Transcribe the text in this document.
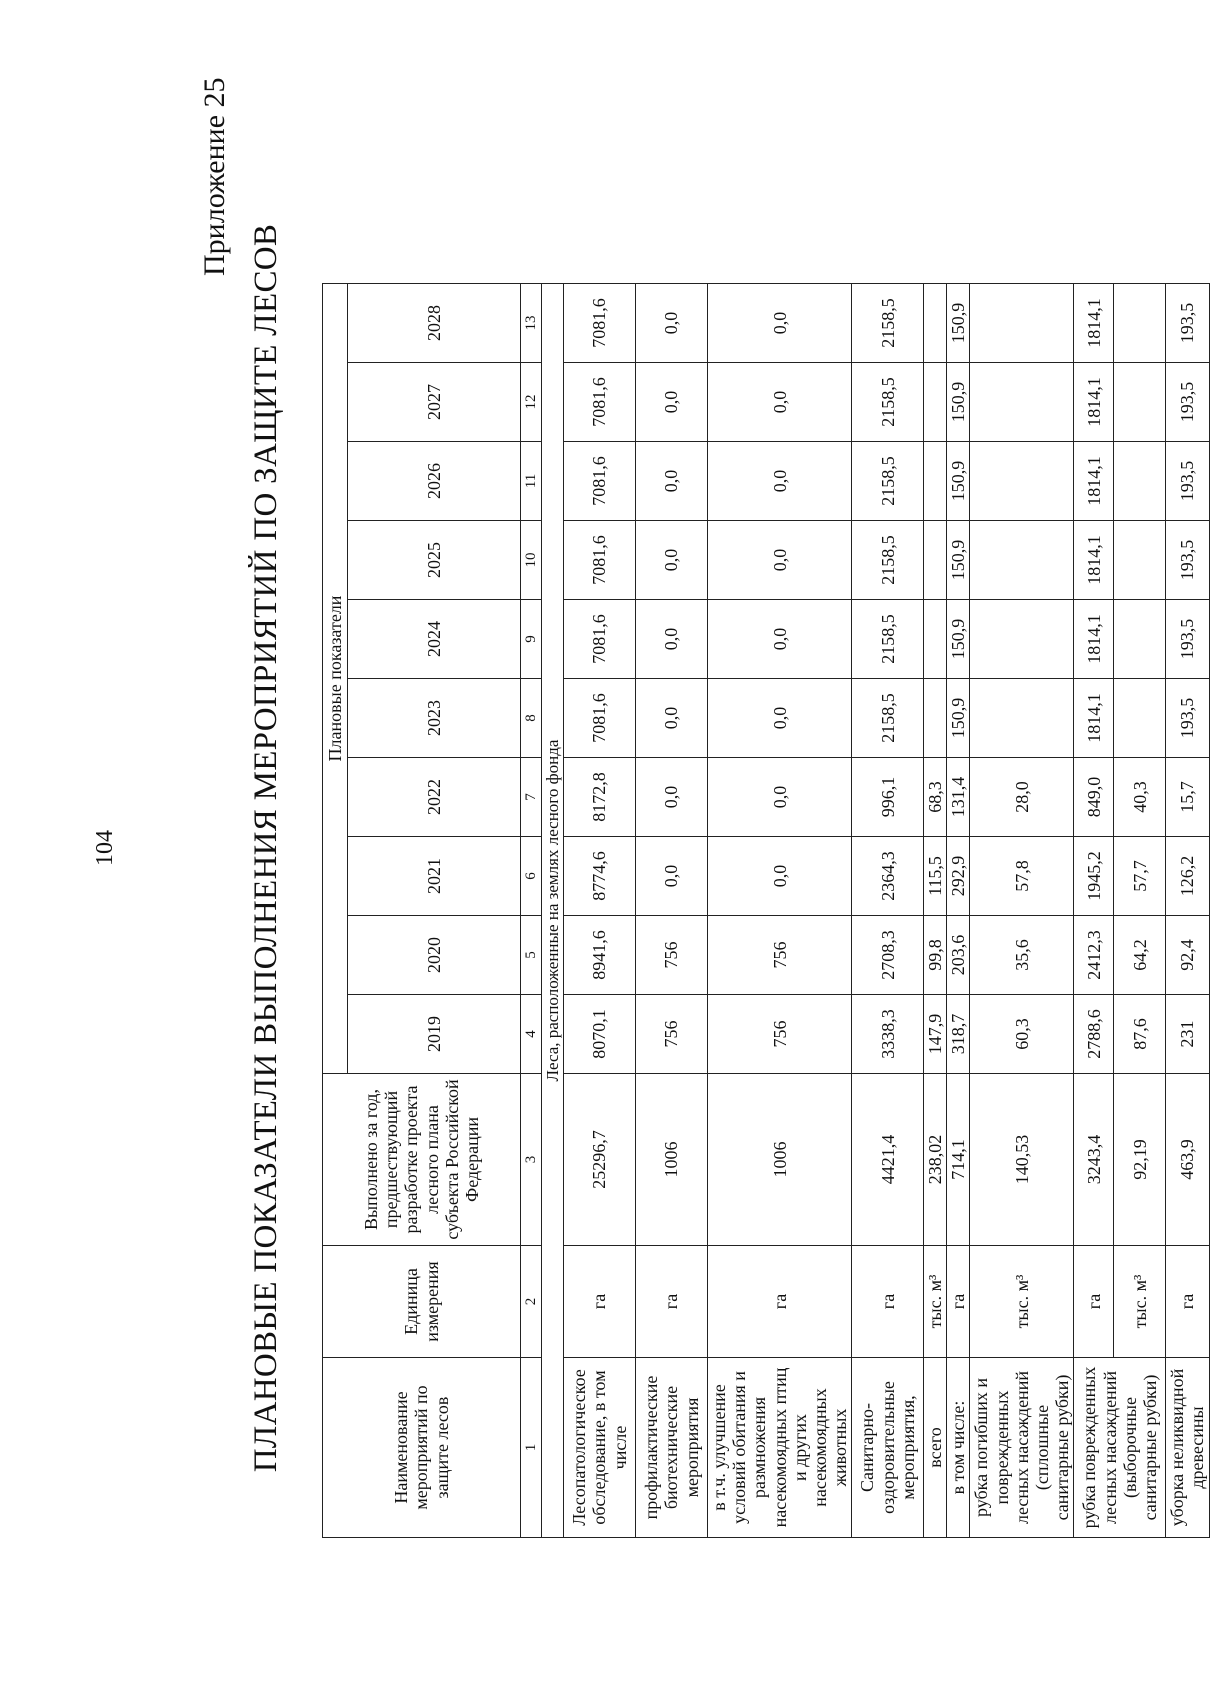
104
Приложение 25
ПЛАНОВЫЕ ПОКАЗАТЕЛИ ВЫПОЛНЕНИЯ МЕРОПРИЯТИЙ ПО ЗАЩИТЕ ЛЕСОВ	Наименование мероприятий по защите лесов	Единица измерения	Выполнено за год, предшествующий разработке проекта лесного плана субъекта Российской Федерации	Плановые показатели									
			2019	2020	2021	2022	2023	2024	2025	2026	2027	2028
1	2	3	4	5	6	7	8	9	10	11	12	13
Леса, расположенные на землях лесного фонда												
Лесопатологическое обследование, в том числе	га	25296,7	8070,1	8941,6	8774,6	8172,8	7081,6	7081,6	7081,6	7081,6	7081,6	7081,6
профилактические биотехнические мероприятия	га	1006	756	756	0,0	0,0	0,0	0,0	0,0	0,0	0,0	0,0
в т.ч. улучшение условий обитания и размножения насекомоядных птиц и других насекомоядных животных	га	1006	756	756	0,0	0,0	0,0	0,0	0,0	0,0	0,0	0,0
Санитарно-оздоровительные мероприятия,	га	4421,4	3338,3	2708,3	2364,3	996,1	2158,5	2158,5	2158,5	2158,5	2158,5	2158,5
всего	тыс. м³	238,02	147,9	99,8	115,5	68,3						
в том числе:	га	714,1	318,7	203,6	292,9	131,4	150,9	150,9	150,9	150,9	150,9	150,9
рубка погибших и поврежденных лесных насаждений (сплошные санитарные рубки)	тыс. м³	140,53	60,3	35,6	57,8	28,0						
рубка поврежденных лесных насаждений (выборочные санитарные рубки)	га	3243,4	2788,6	2412,3	1945,2	849,0	1814,1	1814,1	1814,1	1814,1	1814,1	1814,1
	тыс. м³	92,19	87,6	64,2	57,7	40,3						
уборка неликвидной древесины	га	463,9	231	92,4	126,2	15,7	193,5	193,5	193,5	193,5	193,5	193,5
